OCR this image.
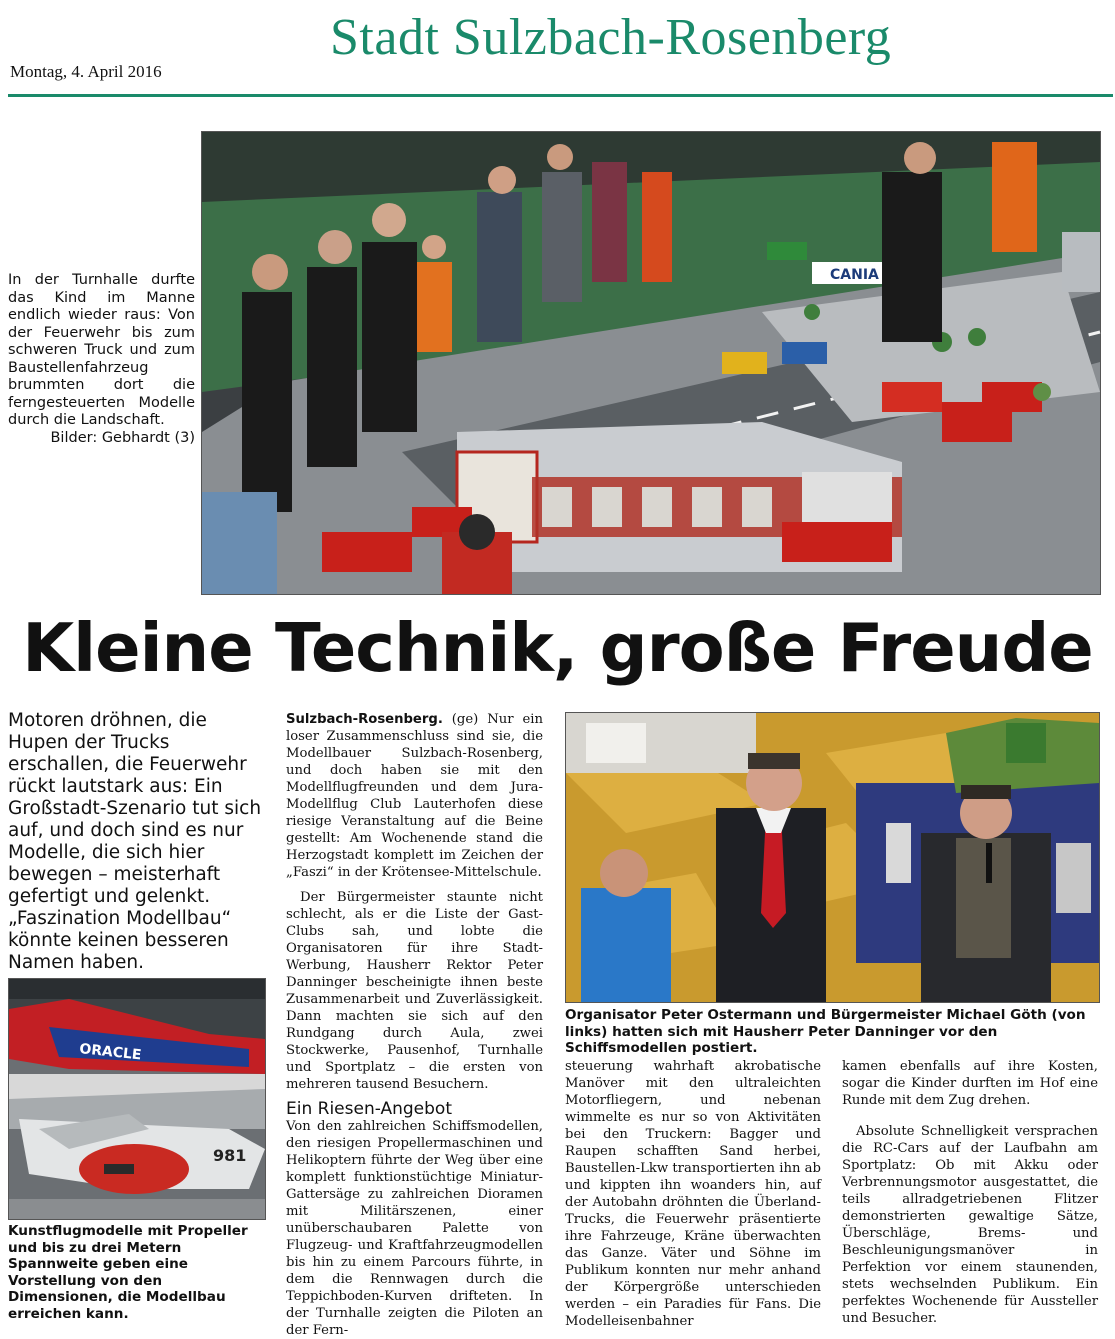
Montag, 4. April 2016
Stadt Sulzbach-Rosenberg
In der Turnhalle durfte das Kind im Manne endlich wieder raus: Von der Feuerwehr bis zum schweren Truck und zum Baustellenfahrzeug brummten dort die ferngesteuerten Modelle durch die Landschaft.
Bilder: Gebhardt (3)
CANIA
Kleine Technik, große Freude
Motoren dröhnen, die Hupen der Trucks erschallen, die Feuerwehr rückt lautstark aus: Ein Großstadt-Szenario tut sich auf, und doch sind es nur Modelle, die sich hier bewegen – meisterhaft gefertigt und gelenkt. „Faszination Modellbau“ könnte keinen besseren Namen haben.
ORACLE
981
Kunstflugmodelle mit Propeller und bis zu drei Metern Spannweite geben eine Vorstellung von den Dimensionen, die Modellbau erreichen kann.

Sulzbach-Rosenberg. (ge) Nur ein loser Zusammenschluss sind sie, die Modellbauer Sulzbach-Rosenberg, und doch haben sie mit den Modellflugfreunden und dem Jura-Modellflug Club Lauterhofen diese riesige Veranstaltung auf die Beine gestellt: Am Wochenende stand die Herzogstadt komplett im Zeichen der „Faszi“ in der Krötensee-Mittelschule.

Der Bürgermeister staunte nicht schlecht, als er die Liste der Gast-Clubs sah, und lobte die Organisatoren für ihre Stadt-Werbung, Hausherr Rektor Peter Danninger bescheinigte ihnen beste Zusammenarbeit und Zuverlässigkeit. Dann machten sie sich auf den Rundgang durch Aula, zwei Stockwerke, Pausenhof, Turnhalle und Sportplatz – die ersten von mehreren tausend Besuchern.

Ein Riesen-Angebot

Von den zahlreichen Schiffsmodellen, den riesigen Propellermaschinen und Helikoptern führte der Weg über eine komplett funktionstüchtige Miniatur-Gattersäge zu zahlreichen Dioramen mit Militärszenen, einer unüberschaubaren Palette von Flugzeug- und Kraftfahrzeugmodellen bis hin zu einem Parcours führte, in dem die Rennwagen durch die Teppichboden-Kurven drifteten. In der Turnhalle zeigten die Piloten an der Fern-

Organisator Peter Ostermann und Bürgermeister Michael Göth (von links) hatten sich mit Hausherr Peter Danninger vor den Schiffsmodellen postiert.

steuerung wahrhaft akrobatische Manöver mit den ultraleichten Motorfliegern, und nebenan wimmelte es nur so von Aktivitäten bei den Truckern: Bagger und Raupen schafften Sand herbei, Baustellen-Lkw transportierten ihn ab und kippten ihn woanders hin, auf der Autobahn dröhnten die Überland-Trucks, die Feuerwehr präsentierte ihre Fahrzeuge, Kräne überwachten das Ganze. Väter und Söhne im Publikum konnten nur mehr anhand der Körpergröße unterschieden werden – ein Paradies für Fans. Die Modelleisenbahner

kamen ebenfalls auf ihre Kosten, sogar die Kinder durften im Hof eine Runde mit dem Zug drehen.

Absolute Schnelligkeit versprachen die RC-Cars auf der Laufbahn am Sportplatz: Ob mit Akku oder Verbrennungsmotor ausgestattet, die teils allradgetriebenen Flitzer demonstrierten gewaltige Sätze, Überschläge, Brems- und Beschleunigungsmanöver in Perfektion vor einem staunenden, stets wechselnden Publikum. Ein perfektes Wochenende für Aussteller und Besucher.
